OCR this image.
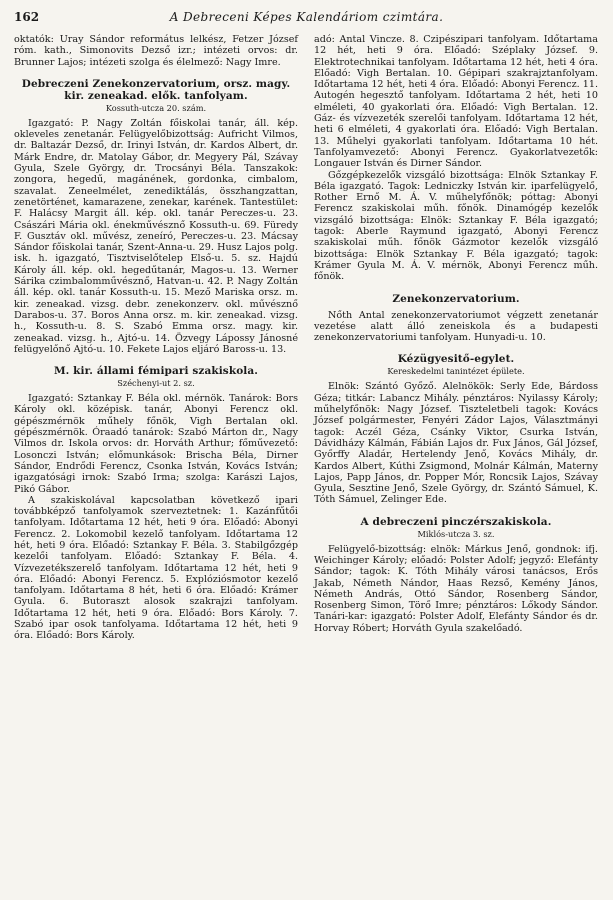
162	A Debreceni Képes Kalendáriom czimtára.

oktatók: Uray Sándor református lelkész, Fetzer József róm. kath., Simonovits Dezső izr.; intézeti orvos: dr. Brunner Lajos; intézeti szolga és élelmező: Nagy Imre.

Debreczeni Zenekonzervatorium, orsz. magy. kir. zeneakad. elők. tanfolyam.
Kossuth-utcza 20. szám.

Igazgató: P. Nagy Zoltán főiskolai tanár, áll. kép. okleveles zenetanár. Felügyelőbizottság: Aufricht Vilmos, dr. Baltazár Dezső, dr. Irinyi István, dr. Kardos Albert, dr. Márk Endre, dr. Matolay Gábor, dr. Megyery Pál, Szávay Gyula, Szele György, dr. Trocsányi Béla. Tanszakok: zongora, hegedű, magánének, gordonka, cimbalom, szavalat. Zeneelmélet, zenediktálás, összhangzattan, zenetörténet, kamarazene, zenekar, karének. Tantestület: F. Halácsy Margit áll. kép. okl. tanár Pereczes-u. 23. Császári Mária okl. énekművésznő Kossuth-u. 69. Füredy F. Gusztáv okl. művész, zeneíró, Pereczes-u. 23. Mácsay Sándor főiskolai tanár, Szent-Anna-u. 29. Husz Lajos polg. isk. h. igazgató, Tisztviselőtelep Első-u. 5. sz. Hajdú Károly áll. kép. okl. hegedűtanár, Magos-u. 13. Werner Sárika czimbalomművésznő, Hatvan-u. 42. P. Nagy Zoltán áll. kép. okl. tanár Kossuth-u. 15. Mező Mariska orsz. m. kir. zeneakad. vizsg. debr. zenekonzerv. okl. művésznő Darabos-u. 37. Boros Anna orsz. m. kir. zeneakad. vizsg. h., Kossuth-u. 8. S. Szabó Emma orsz. magy. kir. zeneakad. vizsg. h., Ajtó-u. 14. Özvegy Lápossy Jánosné felügyelőnő Ajtó-u. 10. Fekete Lajos eljáró Baross-u. 13.

M. kir. állami fémipari szakiskola.
Széchenyi-ut 2. sz.

Igazgató: Sztankay F. Béla okl. mérnök. Tanárok: Bors Károly okl. középisk. tanár, Abonyi Ferencz okl. gépészmérnök műhely főnök, Vigh Bertalan okl. gépészmérnök. Óraadó tanárok: Szabó Márton dr., Nagy Vilmos dr. Iskola orvos: dr. Horváth Arthur; főművezető: Losonczi István; előmunkások: Brischa Béla, Dirner Sándor, Endrődi Ferencz, Csonka István, Kovács István; igazgatósági irnok: Szabó Irma; szolga: Karászi Lajos, Pikó Gábor.

A szakiskolával kapcsolatban következő ipari továbbképző tanfolyamok szerveztetnek: 1. Kazánfűtői tanfolyam. Időtartama 12 hét, heti 9 óra. Előadó: Abonyi Ferencz. 2. Lokomobil kezelő tanfolyam. Időtartama 12 hét, heti 9 óra. Előadó: Sztankay F. Béla. 3. Stabilgőzgép kezelői tanfolyam. Előadó: Sztankay F. Béla. 4. Vízvezetékszerelő tanfolyam. Időtartama 12 hét, heti 9 óra. Előadó: Abonyi Ferencz. 5. Explóziósmotor kezelő tanfolyam. Időtartama 8 hét, heti 6 óra. Előadó: Krámer Gyula. 6. Butoraszt alosok szakrajzi tanfolyam. Időtartama 12 hét, heti 9 óra. Előadó: Bors Károly. 7. Szabó ipar osok tanfolyama. Időtartama 12 hét, heti 9 óra. Előadó: Bors Károly.

adó: Antal Vincze. 8. Czipészipari tanfolyam. Időtartama 12 hét, heti 9 óra. Előadó: Széplaky József. 9. Elektrotechnikai tanfolyam. Időtartama 12 hét, heti 4 óra. Előadó: Vigh Bertalan. 10. Gépipari szakrajztanfolyam. Időtartama 12 hét, heti 4 óra. Előadó: Abonyi Ferencz. 11. Autogén hegesztő tanfolyam. Időtartama 2 hét, heti 10 elméleti, 40 gyakorlati óra. Előadó: Vigh Bertalan. 12. Gáz- és vízvezeték szerelői tanfolyam. Időtartama 12 hét, heti 6 elméleti, 4 gyakorlati óra. Előadó: Vigh Bertalan. 13. Műhelyi gyakorlati tanfolyam. Időtartama 10 hét. Tanfolyamvezető: Abonyi Ferencz. Gyakorlatvezetők: Longauer István és Dirner Sándor.

Gőzgépkezelők vizsgáló bizottsága: Elnök Sztankay F. Béla igazgató. Tagok: Ledniczky István kir. iparfelügyelő, Rother Ernő M. Á. V. műhelyfőnök; póttag: Abonyi Ferencz szakiskolai műh. főnök. Dinamógép kezelők vizsgáló bizottsága: Elnök: Sztankay F. Béla igazgató; tagok: Aberle Raymund igazgató, Abonyi Ferencz szakiskolai műh. főnök Gázmotor kezelők vizsgáló bizottsága: Elnök Sztankay F. Béla igazgató; tagok: Krámer Gyula M. Á. V. mérnök, Abonyi Ferencz műh. főnök.

Zenekonzervatorium.

Nőth Antal zenekonzervatoriumot végzett zenetanár vezetése alatt álló zeneiskola és a budapesti zenekonzervatoriumi tanfolyam. Hunyadi-u. 10.

Kézügyesitő-egylet.
Kereskedelmi tanintézet épülete.

Elnök: Szántó Győző. Alelnökök: Serly Ede, Bárdoss Géza; titkár: Labancz Mihály. pénztáros: Nyilassy Károly; műhelyfőnök: Nagy József. Tiszteletbeli tagok: Kovács József polgármester, Fenyéri Zádor Lajos, Választmányi tagok: Aczél Géza, Csánky Viktor, Csurka István, Dávidházy Kálmán, Fábián Lajos dr. Fux János, Gál József, Győrffy Aladár, Hertelendy Jenő, Kovács Mihály, dr. Kardos Albert, Kúthi Zsigmond, Molnár Kálmán, Materny Lajos, Papp János, dr. Popper Mór, Roncsik Lajos, Szávay Gyula, Sesztine Jenő, Szele György, dr. Szántó Sámuel, K. Tóth Sámuel, Zelinger Ede.

A debreczeni pinczérszakiskola.
Miklós-utcza 3. sz.

Felügyelő-bizottság: elnök: Márkus Jenő, gondnok: ifj. Weichinger Károly; előadó: Polster Adolf; jegyző: Elefánty Sándor; tagok: K. Tóth Mihály városi tanácsos, Erős Jakab, Németh Nándor, Haas Rezső, Kemény János, Németh András, Ottó Sándor, Rosenberg Sándor, Rosenberg Simon, Törő Imre; pénztáros: Lőkody Sándor. Tanári-kar: igazgató: Polster Adolf, Elefánty Sándor és dr. Horvay Róbert; Horváth Gyula szakelőadó.
